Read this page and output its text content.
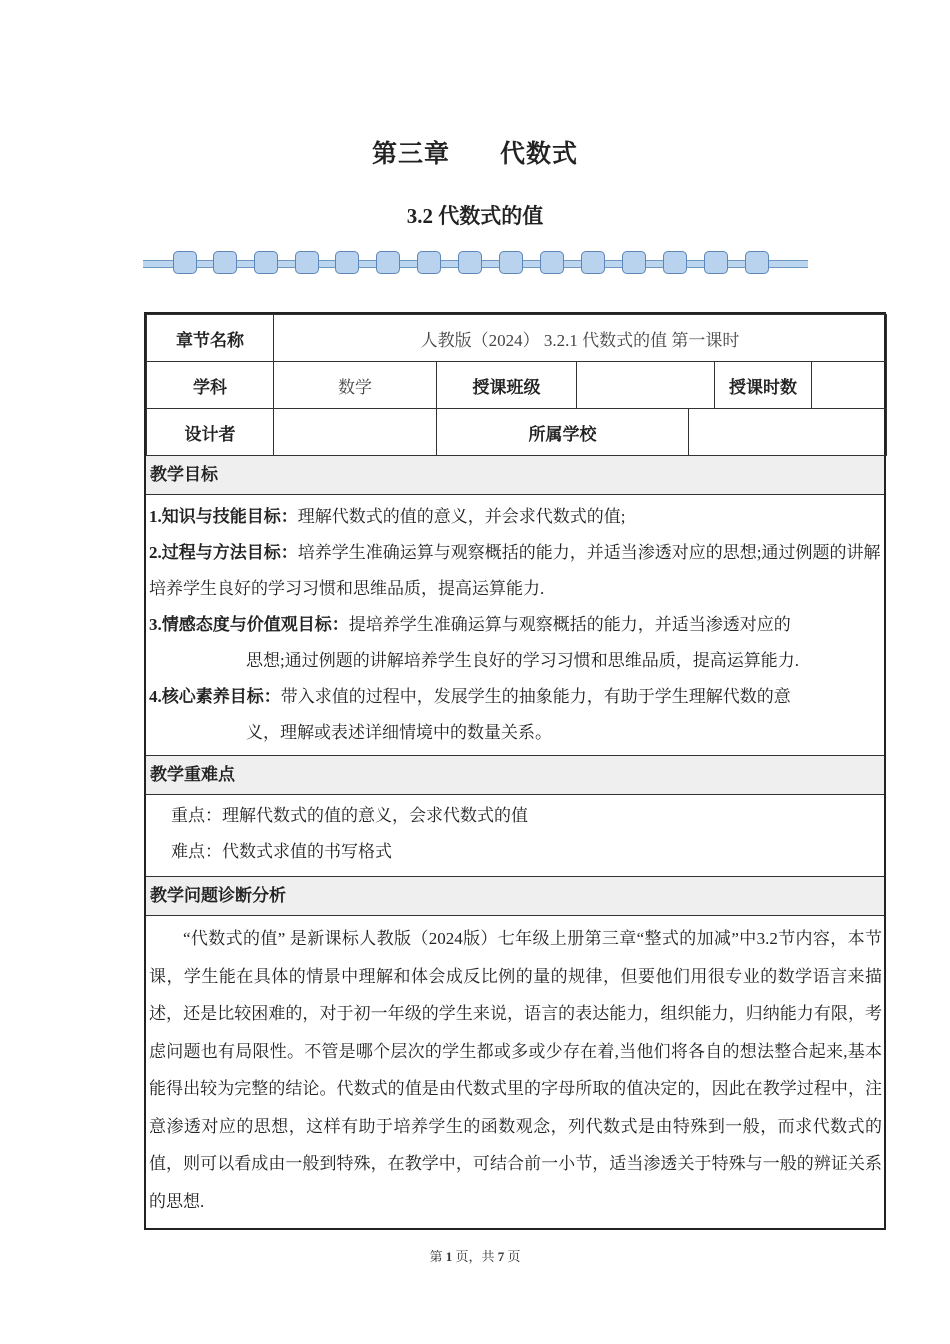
第三章 代数式
3.2 代数式的值
章节名称	人教版（2024） 3.2.1 代数式的值 第一课时					
学科	数学	授课班级			授课时数	
设计者		所属学校				
教学目标
1.知识与技能目标：理解代数式的值的意义，并会求代数式的值;
2.过程与方法目标：培养学生准确运算与观察概括的能力，并适当渗透对应的思想;通过例题的讲解培养学生良好的学习习惯和思维品质，提高运算能力.
3.情感态度与价值观目标：提培养学生准确运算与观察概括的能力，并适当渗透对应的
思想;通过例题的讲解培养学生良好的学习习惯和思维品质，提高运算能力.
4.核心素养目标：带入求值的过程中，发展学生的抽象能力，有助于学生理解代数的意
义，理解或表述详细情境中的数量关系。
教学重难点
重点：理解代数式的值的意义，会求代数式的值
难点：代数式求值的书写格式
教学问题诊断分析

“代数式的值” 是新课标人教版（2024版）七年级上册第三章“整式的加减”中3.2节内容，本节课，学生能在具体的情景中理解和体会成反比例的量的规律，但要他们用很专业的数学语言来描述，还是比较困难的，对于初一年级的学生来说，语言的表达能力，组织能力，归纳能力有限，考虑问题也有局限性。不管是哪个层次的学生都或多或少存在着,当他们将各自的想法整合起来,基本能得出较为完整的结论。代数式的值是由代数式里的字母所取的值决定的，因此在教学过程中，注意渗透对应的思想，这样有助于培养学生的函数观念，列代数式是由特殊到一般，而求代数式的值，则可以看成由一般到特殊，在教学中，可结合前一小节，适当渗透关于特殊与一般的辨证关系的思想.

第 1 页，共 7 页
